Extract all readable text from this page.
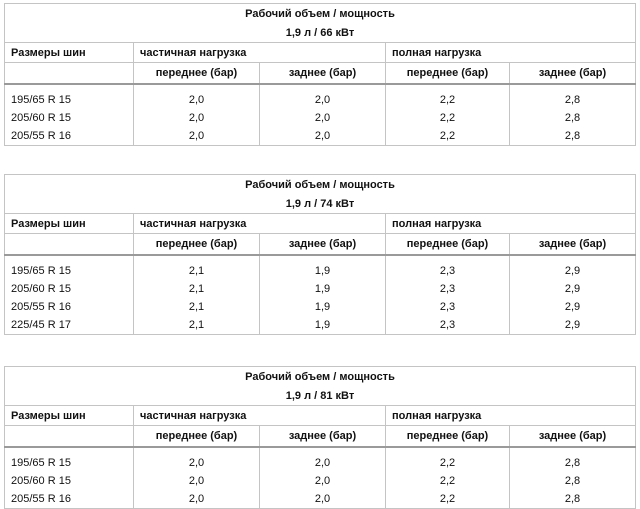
Рабочий объем / мощность				
1,9 л / 66 кВт				
Размеры шин	частичная нагрузка		полная нагрузка	
	переднее (бар)	заднее (бар)	переднее (бар)	заднее (бар)

195/65 R 15	2,0	2,0	2,2	2,8
205/60 R 15	2,0	2,0	2,2	2,8
205/55 R 16	2,0	2,0	2,2	2,8
Рабочий объем / мощность				
1,9 л / 74 кВт				
Размеры шин	частичная нагрузка		полная нагрузка	
	переднее (бар)	заднее (бар)	переднее (бар)	заднее (бар)

195/65 R 15	2,1	1,9	2,3	2,9
205/60 R 15	2,1	1,9	2,3	2,9
205/55 R 16	2,1	1,9	2,3	2,9
225/45 R 17	2,1	1,9	2,3	2,9
Рабочий объем / мощность				
1,9 л / 81 кВт				
Размеры шин	частичная нагрузка		полная нагрузка	
	переднее (бар)	заднее (бар)	переднее (бар)	заднее (бар)

195/65 R 15	2,0	2,0	2,2	2,8
205/60 R 15	2,0	2,0	2,2	2,8
205/55 R 16	2,0	2,0	2,2	2,8
